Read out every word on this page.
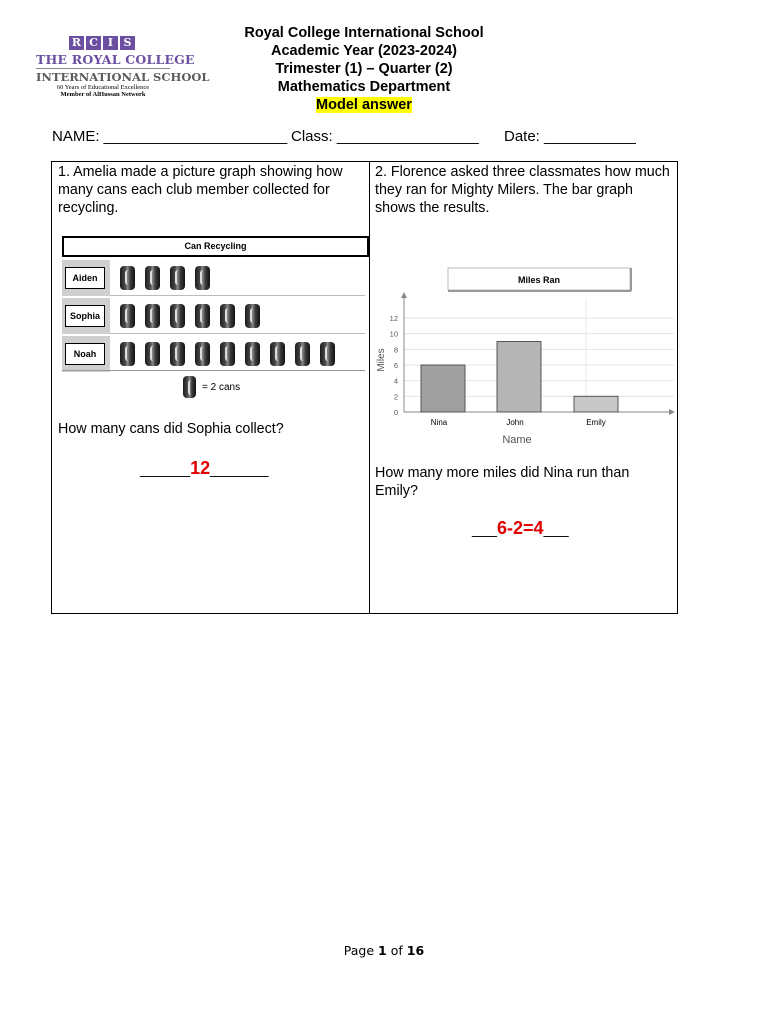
R C I S
THE ROYAL COLLEGE
INTERNATIONAL SCHOOL
60 Years of Educational Excellence
Member of AlHussan Network
Royal College International School
Academic Year (2023-2024)
Trimester (1) – Quarter (2)
Mathematics Department
Model answer
NAME: ______________________ Class: _________________ Date: ___________
1. Amelia made a picture graph showing how many cans each club member collected for recycling.
Can Recycling
Aiden
Sophia
Noah
= 2 cans
How many cans did Sophia collect?
______12_______
2. Florence asked three classmates how much they ran for Mighty Milers. The bar graph shows the results.
Miles Ran
0
2
4
6
8
10
12
Nina	John	Emily
Name
Miles
How many more miles did Nina run than Emily?
___6-2=4___
Page 1 of 16
